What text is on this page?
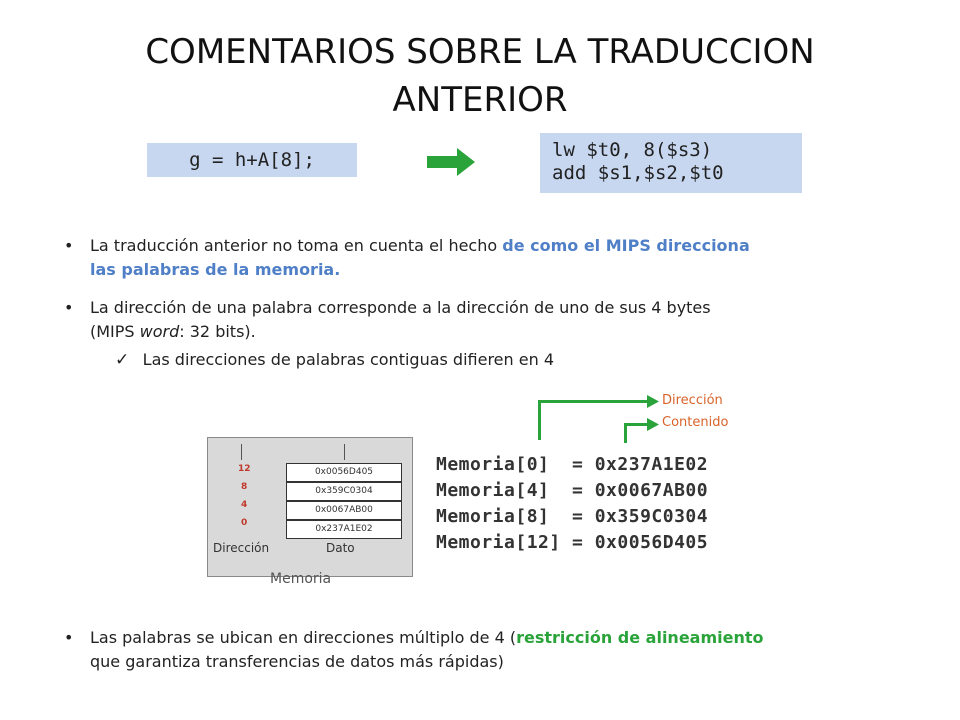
COMENTARIOS SOBRE LA TRADUCCION
ANTERIOR
g = h+A[8];	lw $t0, 8($s3)
add $s1,$s2,$t0
• La traducción anterior no toma en cuenta el hecho de como el MIPS direcciona
las palabras de la memoria.
• La dirección de una palabra corresponde a la dirección de uno de sus 4 bytes
(MIPS word: 32 bits).
✓ Las direcciones de palabras contiguas difieren en 4
12
8
4
0
0x0056D405
0x359C0304
0x0067AB00
0x237A1E02
Dirección	Dato
Memoria
Dirección
Contenido
Memoria[0]  = 0x237A1E02
Memoria[4]  = 0x0067AB00
Memoria[8]  = 0x359C0304
Memoria[12] = 0x0056D405
• Las palabras se ubican en direcciones múltiplo de 4 (restricción de alineamiento
que garantiza transferencias de datos más rápidas)
